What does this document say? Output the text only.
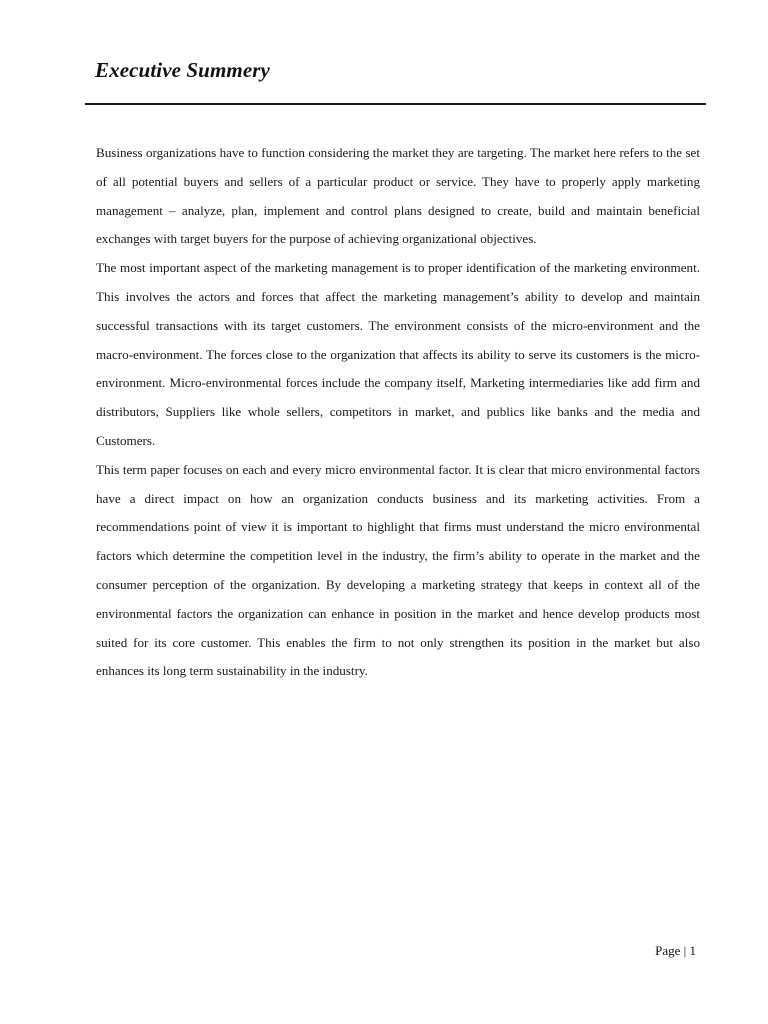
Executive Summery

Business organizations have to function considering the market they are targeting. The market here refers to the set of all potential buyers and sellers of a particular product or service. They have to properly apply marketing management – analyze, plan, implement and control plans designed to create, build and maintain beneficial exchanges with target buyers for the purpose of achieving organizational objectives.

The most important aspect of the marketing management is to proper identification of the marketing environment. This involves the actors and forces that affect the marketing management’s ability to develop and maintain successful transactions with its target customers. The environment consists of the micro-environment and the macro-environment. The forces close to the organization that affects its ability to serve its customers is the micro-environment. Micro-environmental forces include the company itself, Marketing intermediaries like add firm and distributors, Suppliers like whole sellers, competitors in market, and publics like banks and the media and Customers.

This term paper focuses on each and every micro environmental factor. It is clear that micro environmental factors have a direct impact on how an organization conducts business and its marketing activities. From a recommendations point of view it is important to highlight that firms must understand the micro environmental factors which determine the competition level in the industry, the firm’s ability to operate in the market and the consumer perception of the organization. By developing a marketing strategy that keeps in context all of the environmental factors the organization can enhance in position in the market and hence develop products most suited for its core customer. This enables the firm to not only strengthen its position in the market but also enhances its long term sustainability in the industry.

Page | 1
